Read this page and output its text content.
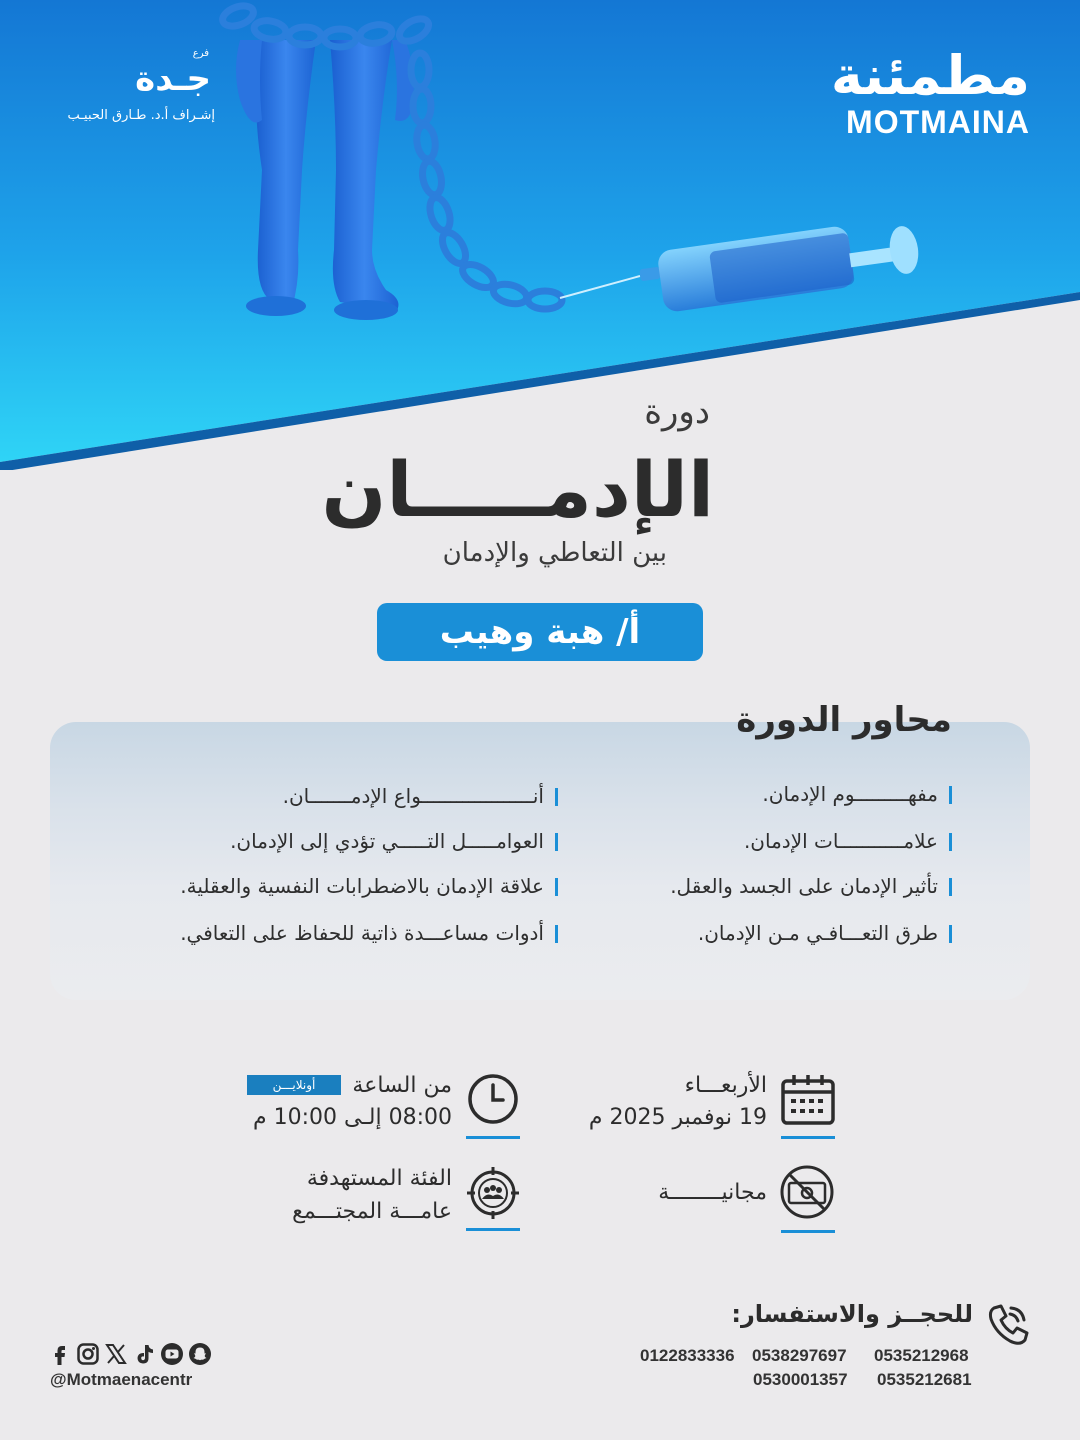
مطمئنة
MOTMAINA
فرع
جـدة
إشـراف أ.د. طـارق الحبيـب
دورة
الإدمـــــان
بين التعاطي والإدمان
أ/ هبة وهيب
محاور الدورة
مفهـــــــــوم الإدمان.
أنـــــــــــــــــــواع الإدمـــــــان.
علامـــــــــــات الإدمان.
العوامـــــل التـــــي تؤدي إلى الإدمان.
تأثير الإدمان على الجسد والعقل.
علاقة الإدمان بالاضطرابات النفسية والعقلية.
طرق التعـــافـي مـن الإدمان.
أدوات مساعـــدة ذاتية للحفاظ على التعافي.
الأربعـــاء
19 نوفمبر 2025 م
من الساعة
أونلايـــن
08:00 إلـى 10:00 م
مجانيــــــــة
الفئة المستهدفة
عامـــة المجتـــمع
للحجــز والاستفسار:
0535212968
0538297697
0122833336
0535212681
0530001357
@Motmaenacentr
